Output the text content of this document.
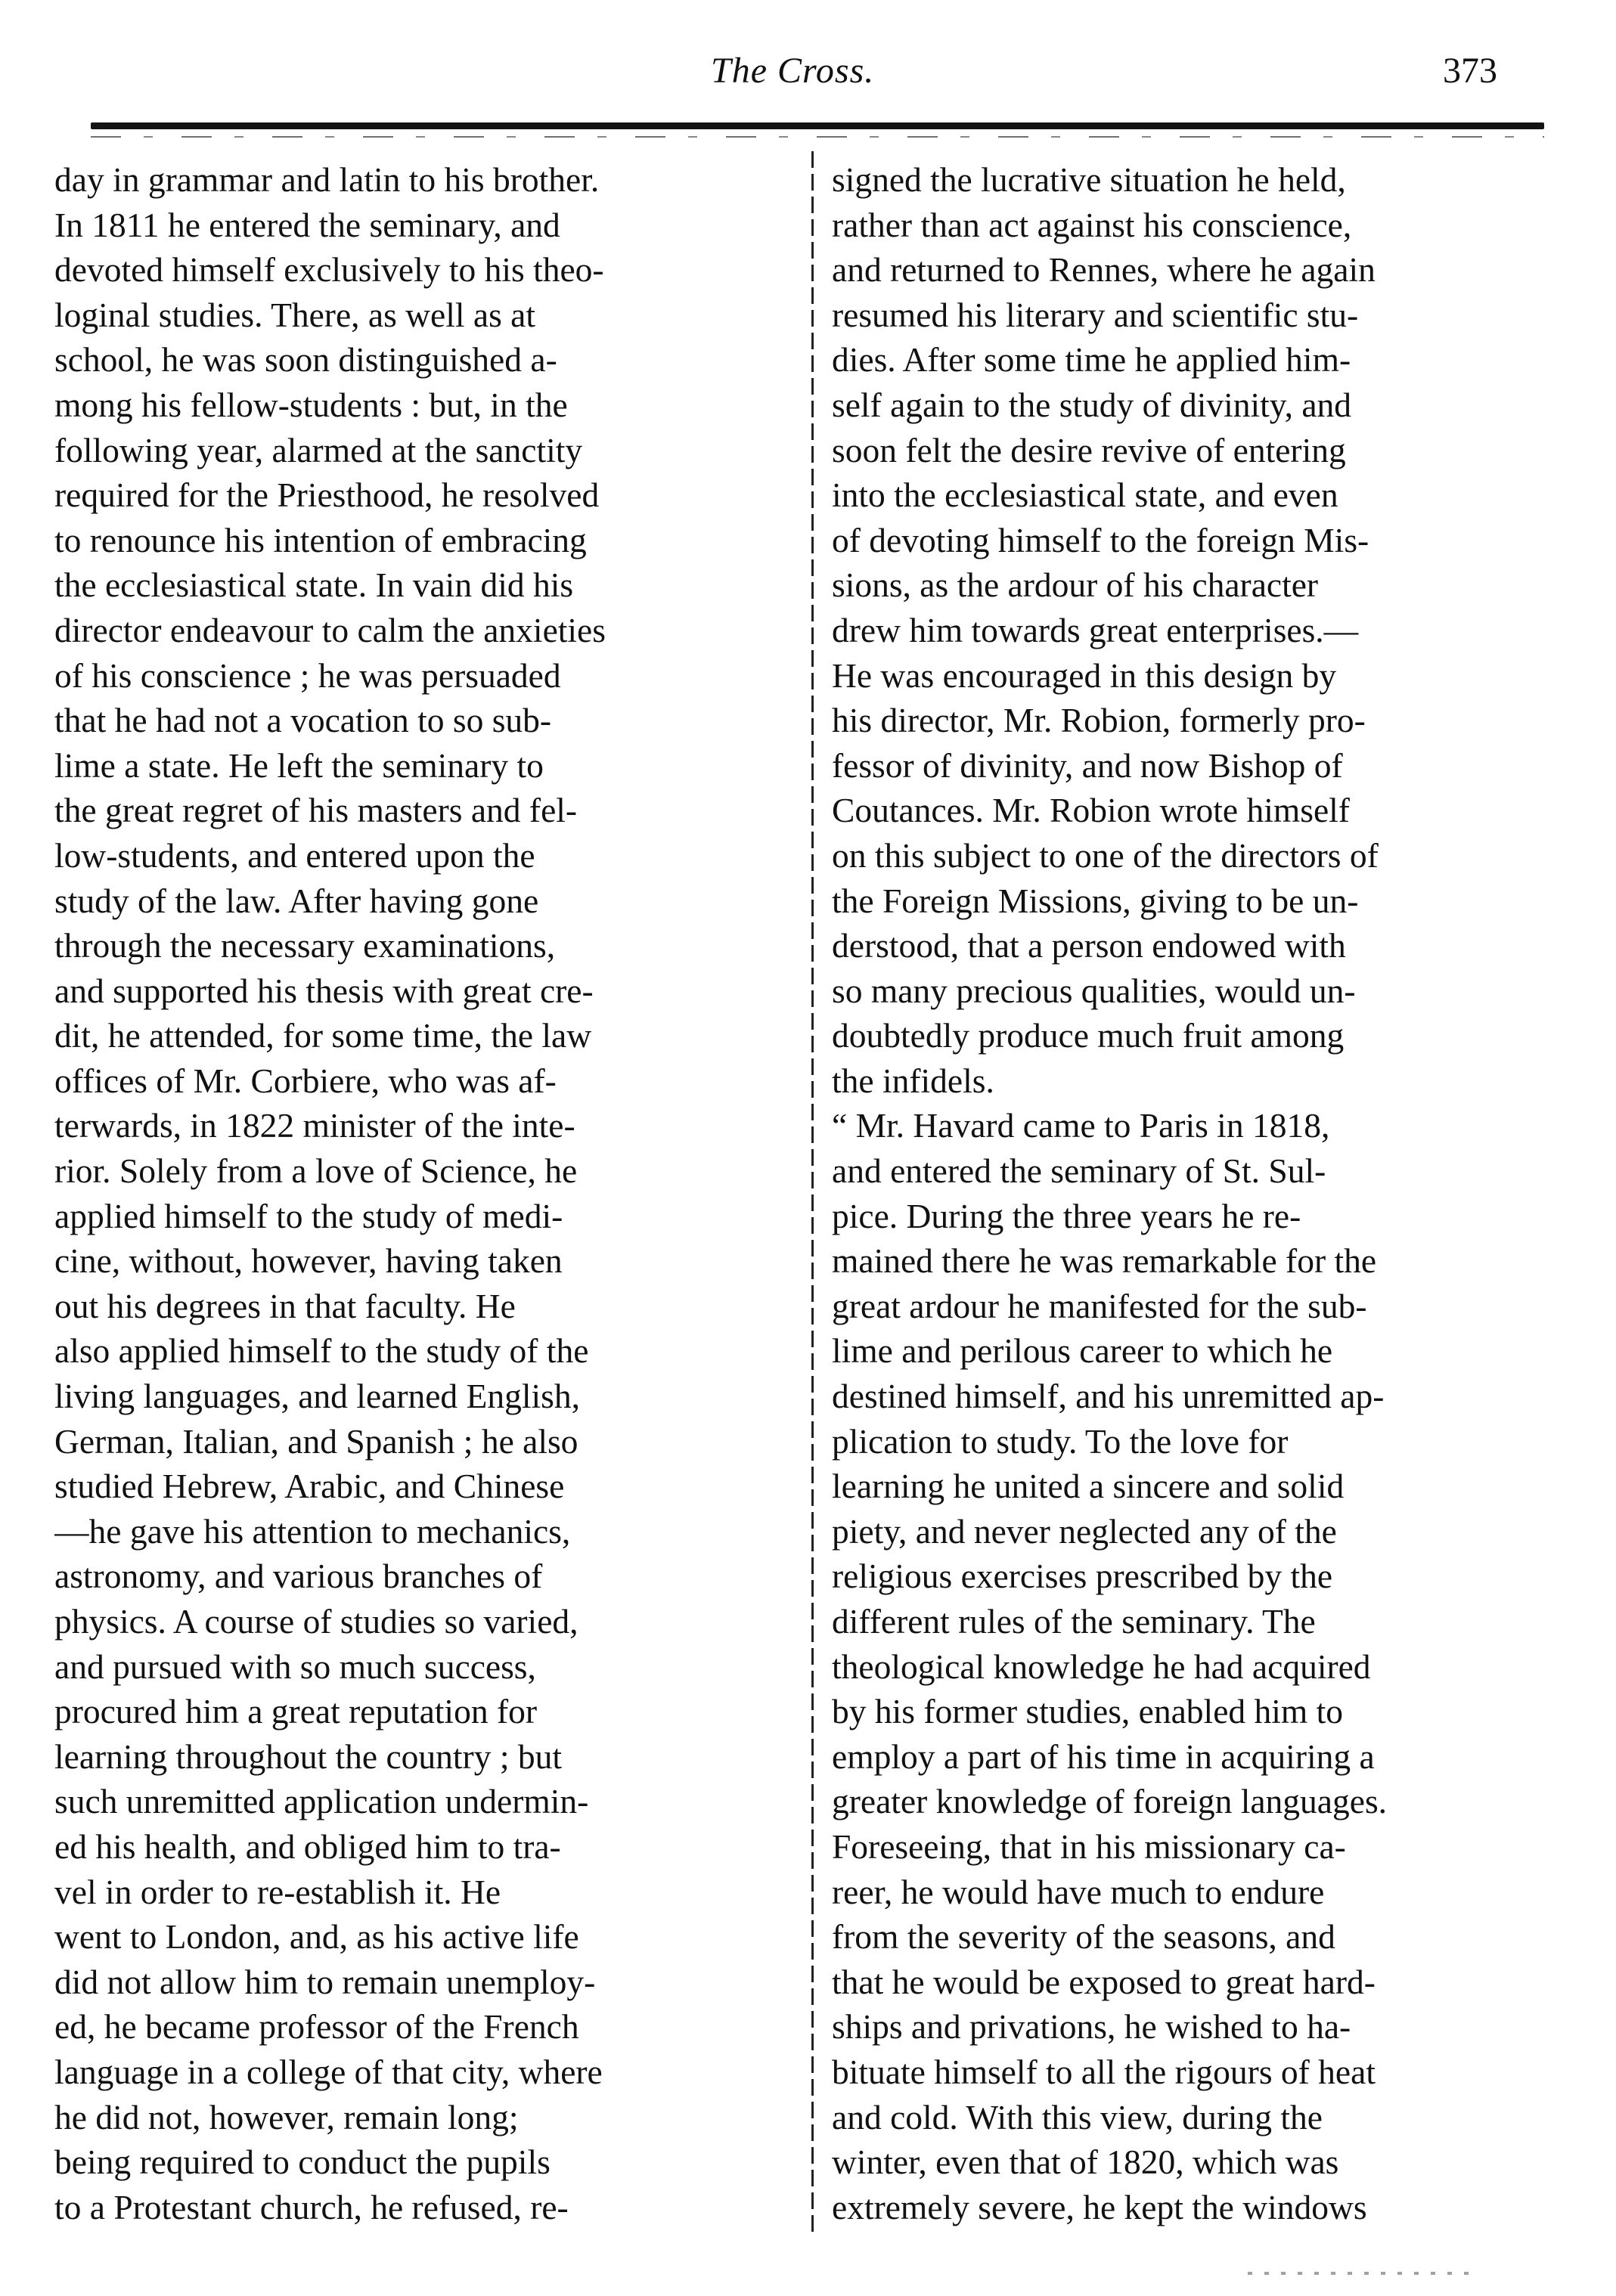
The Cross.	373
day in grammar and latin to his brother.
In 1811 he entered the seminary, and
devoted himself exclusively to his theo-
loginal studies. There, as well as at
school, he was soon distinguished a-
mong his fellow-students : but, in the
following year, alarmed at the sanctity
required for the Priesthood, he resolved
to renounce his intention of embracing
the ecclesiastical state. In vain did his
director endeavour to calm the anxieties
of his conscience ; he was persuaded
that he had not a vocation to so sub-
lime a state. He left the seminary to
the great regret of his masters and fel-
low-students, and entered upon the
study of the law. After having gone
through the necessary examinations,
and supported his thesis with great cre-
dit, he attended, for some time, the law
offices of Mr. Corbiere, who was af-
terwards, in 1822 minister of the inte-
rior. Solely from a love of Science, he
applied himself to the study of medi-
cine, without, however, having taken
out his degrees in that faculty. He
also applied himself to the study of the
living languages, and learned English,
German, Italian, and Spanish ; he also
studied Hebrew, Arabic, and Chinese
—he gave his attention to mechanics,
astronomy, and various branches of
physics. A course of studies so varied,
and pursued with so much success,
procured him a great reputation for
learning throughout the country ; but
such unremitted application undermin-
ed his health, and obliged him to tra-
vel in order to re-establish it. He
went to London, and, as his active life
did not allow him to remain unemploy-
ed, he became professor of the French
language in a college of that city, where
he did not, however, remain long;
being required to conduct the pupils
to a Protestant church, he refused, re-
signed the lucrative situation he held,
rather than act against his conscience,
and returned to Rennes, where he again
resumed his literary and scientific stu-
dies. After some time he applied him-
self again to the study of divinity, and
soon felt the desire revive of entering
into the ecclesiastical state, and even
of devoting himself to the foreign Mis-
sions, as the ardour of his character
drew him towards great enterprises.—
He was encouraged in this design by
his director, Mr. Robion, formerly pro-
fessor of divinity, and now Bishop of
Coutances. Mr. Robion wrote himself
on this subject to one of the directors of
the Foreign Missions, giving to be un-
derstood, that a person endowed with
so many precious qualities, would un-
doubtedly produce much fruit among
the infidels.
“ Mr. Havard came to Paris in 1818,
and entered the seminary of St. Sul-
pice. During the three years he re-
mained there he was remarkable for the
great ardour he manifested for the sub-
lime and perilous career to which he
destined himself, and his unremitted ap-
plication to study. To the love for
learning he united a sincere and solid
piety, and never neglected any of the
religious exercises prescribed by the
different rules of the seminary. The
theological knowledge he had acquired
by his former studies, enabled him to
employ a part of his time in acquiring a
greater knowledge of foreign languages.
Foreseeing, that in his missionary ca-
reer, he would have much to endure
from the severity of the seasons, and
that he would be exposed to great hard-
ships and privations, he wished to ha-
bituate himself to all the rigours of heat
and cold. With this view, during the
winter, even that of 1820, which was
extremely severe, he kept the windows
